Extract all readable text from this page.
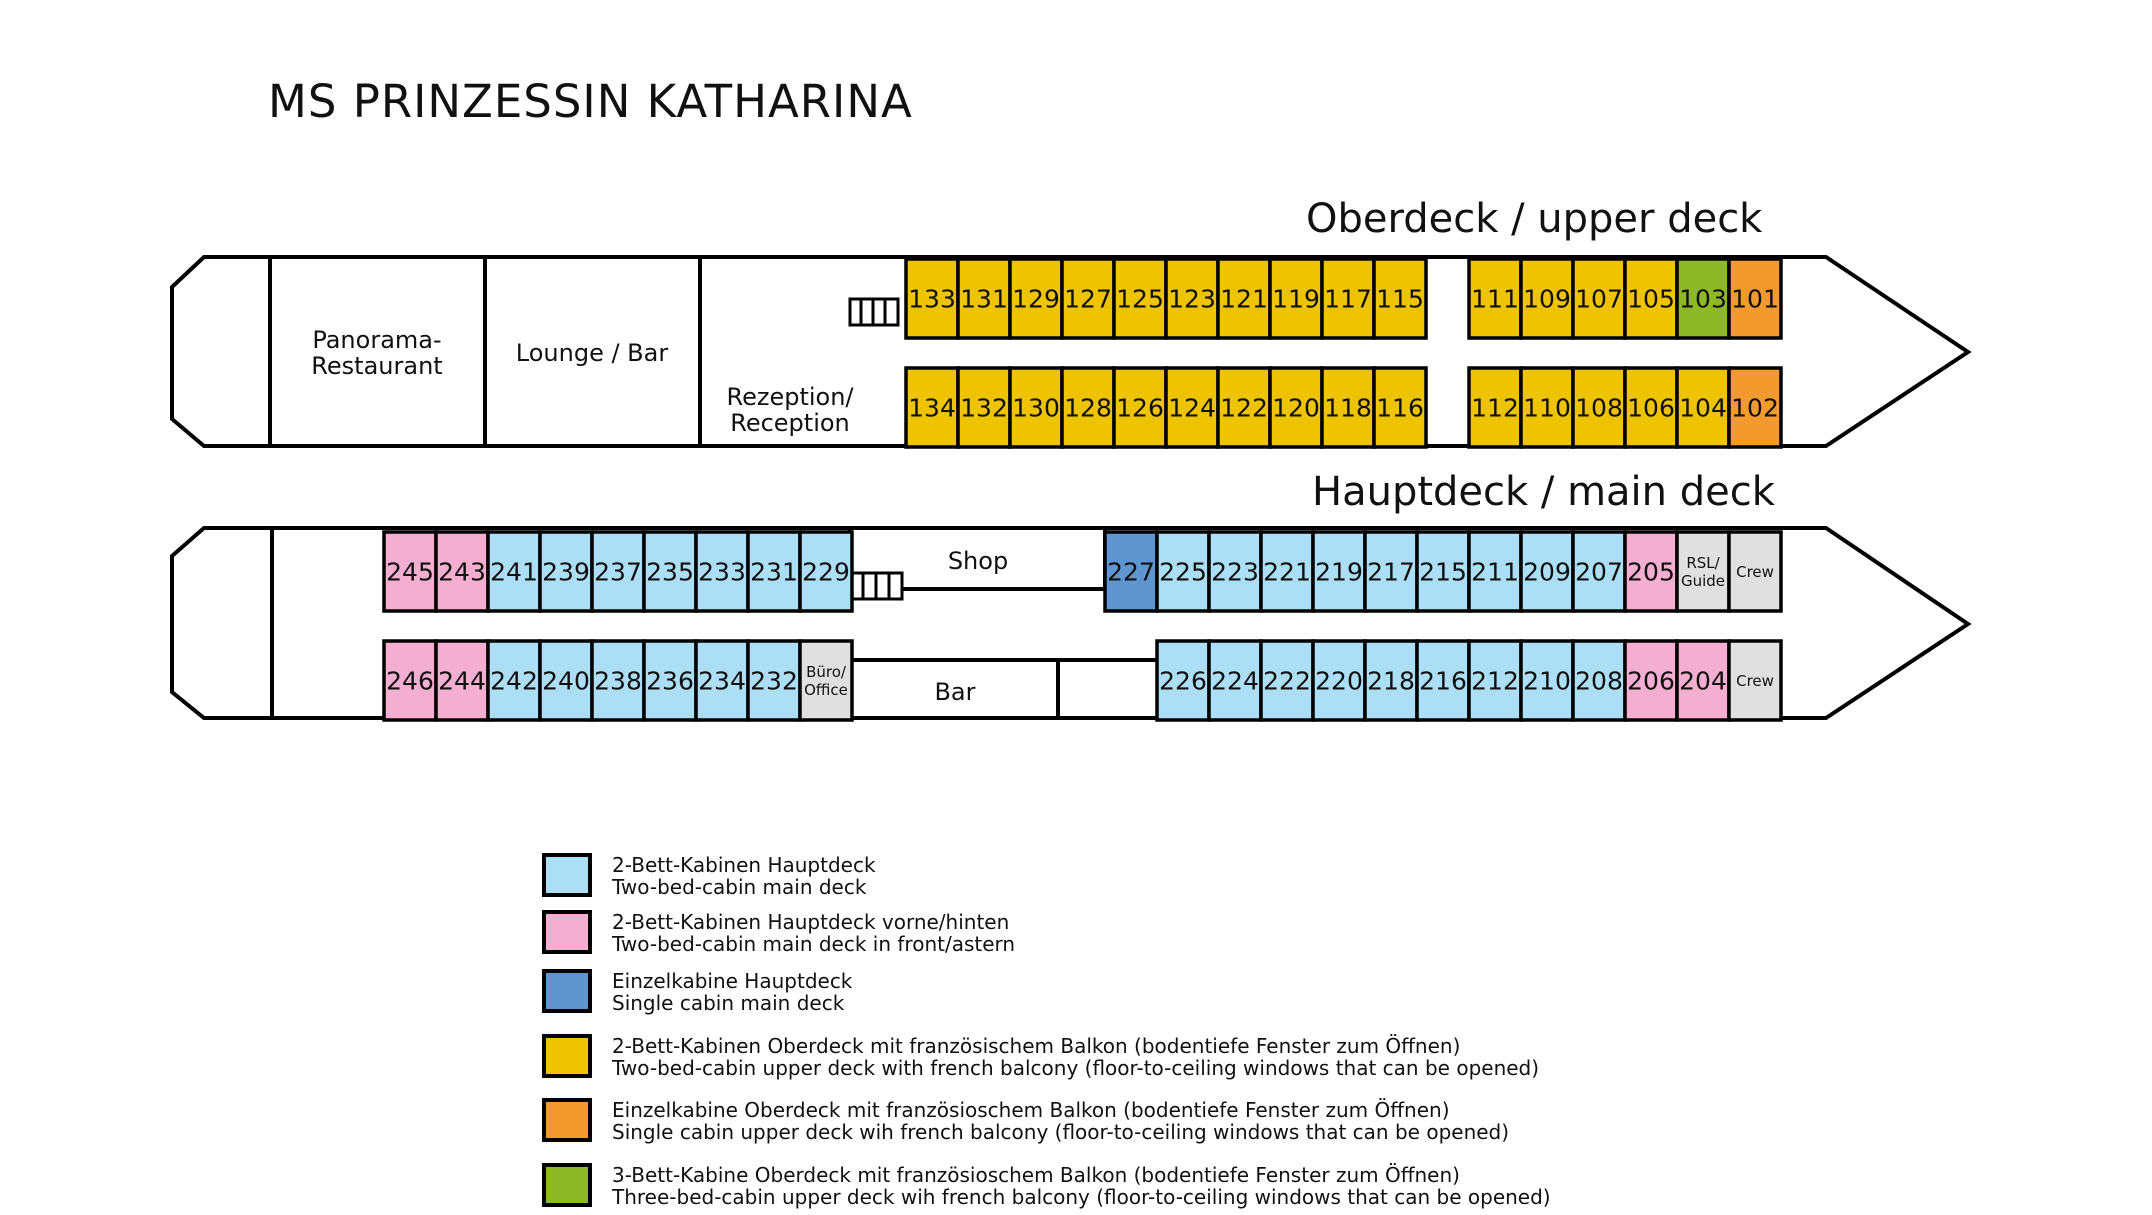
MS PRINZESSIN KATHARINA
Oberdeck / upper deck
Panorama-
Restaurant	Lounge / Bar
Rezeption/
Reception
133 131 129 127 125 123 121 119 117 115 111 109 107 105 103 101
134 132 130 128 126 124 122 120 118 116 112 110 108 106 104 102
Hauptdeck / main deck
Shop
Bar
245 243 241 239 237 235 233 231 229	227 225 223 221 219 217 215 211 209 207 205
246 244 242 240 238 236 234 232	226 224 222 220 218 216 212 210 208 206 204
RSL/
Guide Crew
Büro/
Office	Crew
2-Bett-Kabinen Hauptdeck
Two-bed-cabin main deck
2-Bett-Kabinen Hauptdeck vorne/hinten
Two-bed-cabin main deck in front/astern
Einzelkabine Hauptdeck
Single cabin main deck
2-Bett-Kabinen Oberdeck mit französischem Balkon (bodentiefe Fenster zum Öffnen)
Two-bed-cabin upper deck with french balcony (floor-to-ceiling windows that can be opened)
Einzelkabine Oberdeck mit französioschem Balkon (bodentiefe Fenster zum Öffnen)
Single cabin upper deck wih french balcony (floor-to-ceiling windows that can be opened)
3-Bett-Kabine Oberdeck mit französioschem Balkon (bodentiefe Fenster zum Öffnen)
Three-bed-cabin upper deck wih french balcony (floor-to-ceiling windows that can be opened)
